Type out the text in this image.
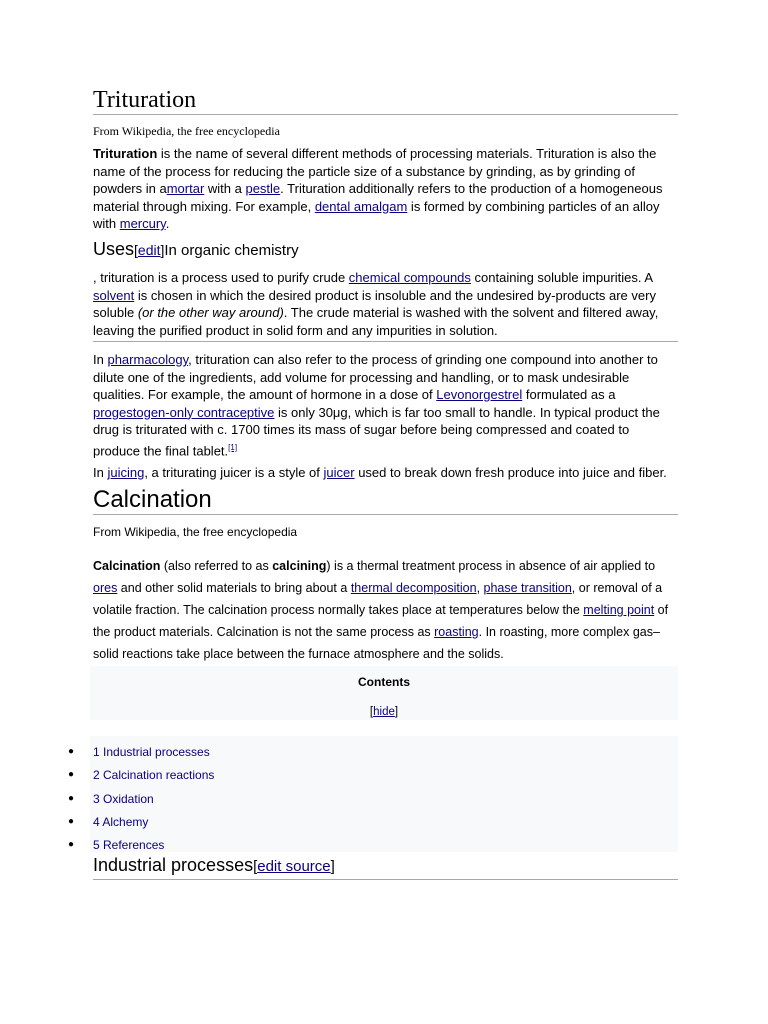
Trituration
From Wikipedia, the free encyclopedia

Trituration is the name of several different methods of processing materials. Trituration is also the name of the process for reducing the particle size of a substance by grinding, as by grinding of powders in amortar with a pestle. Trituration additionally refers to the production of a homogeneous material through mixing. For example, dental amalgam is formed by combining particles of an alloy with mercury.

Uses[edit]In organic chemistry

, trituration is a process used to purify crude chemical compounds containing soluble impurities. A solvent is chosen in which the desired product is insoluble and the undesired by-products are very soluble (or the other way around). The crude material is washed with the solvent and filtered away, leaving the purified product in solid form and any impurities in solution.

In pharmacology, trituration can also refer to the process of grinding one compound into another to dilute one of the ingredients, add volume for processing and handling, or to mask undesirable qualities. For example, the amount of hormone in a dose of Levonorgestrel formulated as a progestogen-only contraceptive is only 30μg, which is far too small to handle. In typical product the drug is triturated with c. 1700 times its mass of sugar before being compressed and coated to produce the final tablet.[1]

In juicing, a triturating juicer is a style of juicer used to break down fresh produce into juice and fiber.

Calcination
From Wikipedia, the free encyclopedia

Calcination (also referred to as calcining) is a thermal treatment process in absence of air applied to ores and other solid materials to bring about a thermal decomposition, phase transition, or removal of a volatile fraction. The calcination process normally takes place at temperatures below the melting point of the product materials. Calcination is not the same process as roasting. In roasting, more complex gas–solid reactions take place between the furnace atmosphere and the solids.

Contents
[hide]
● 1 Industrial processes
● 2 Calcination reactions
● 3 Oxidation
● 4 Alchemy
● 5 References
Industrial processes[edit source]
